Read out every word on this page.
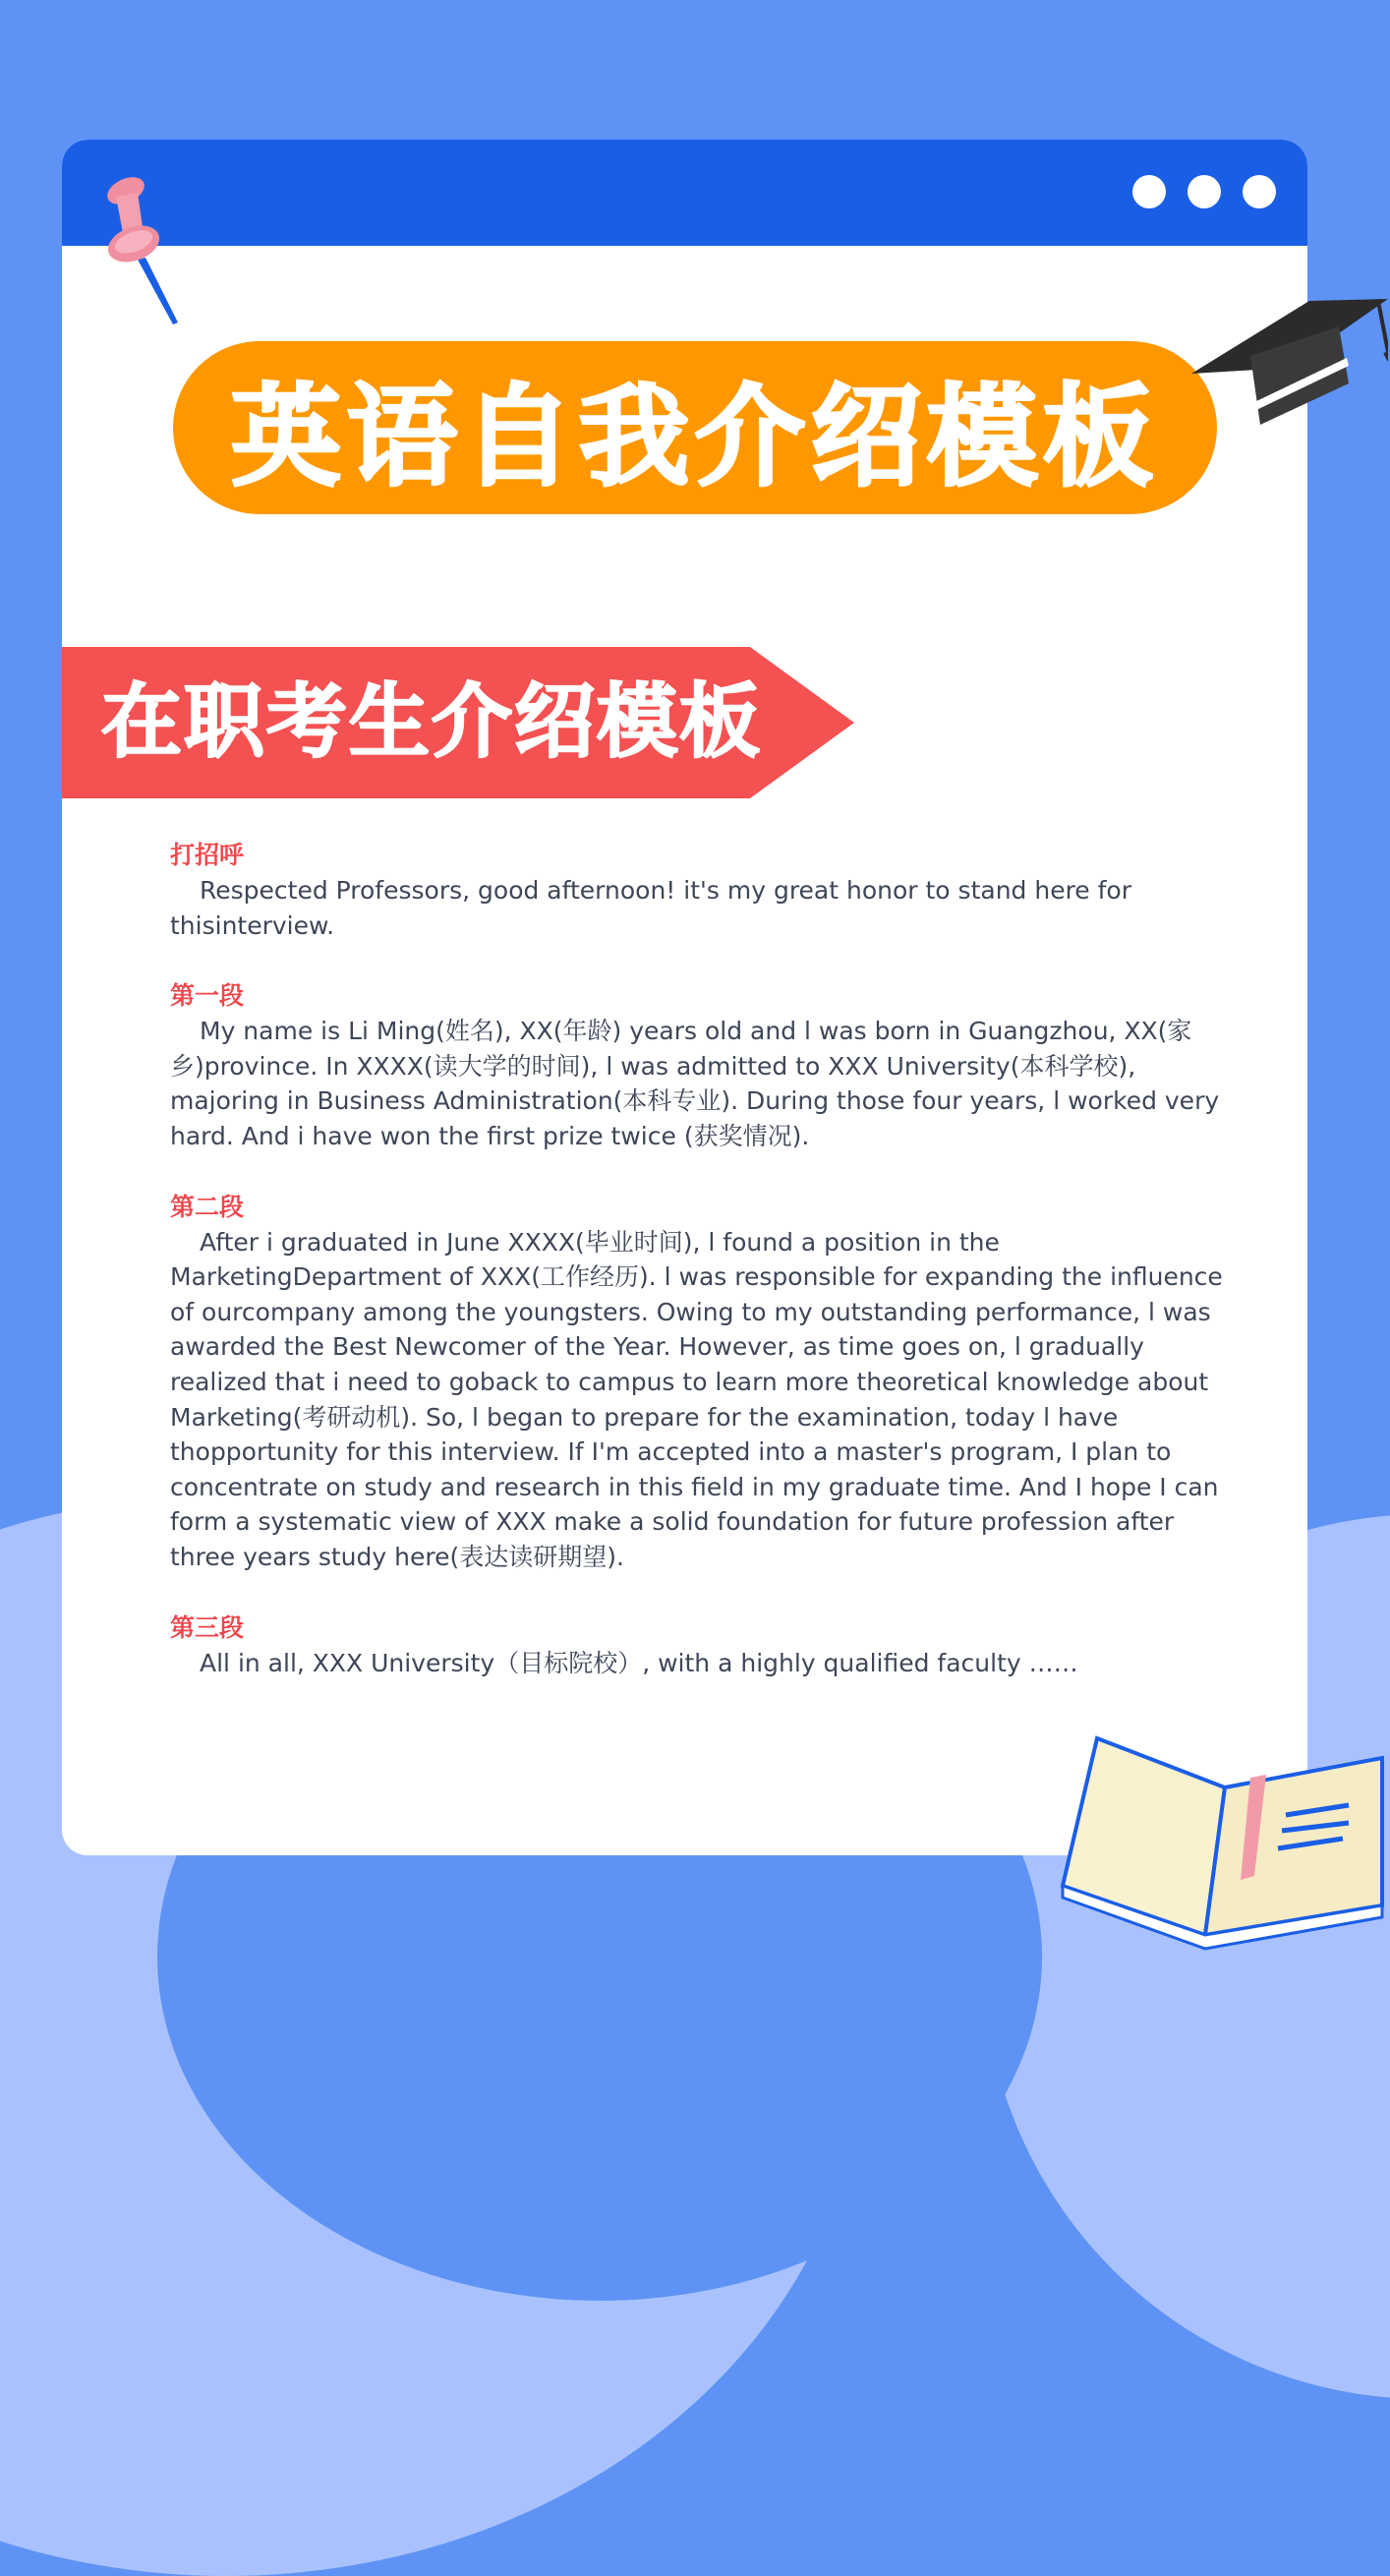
英语自我介绍模板
在职考生介绍模板
打招呼

Respected Professors, good afternoon! it's my great honor to stand here for thisinterview.

第一段

My name is Li Ming(姓名), XX(年龄) years old and l was born in Guangzhou, XX(家乡)province. In XXXX(读大学的时间), l was admitted to XXX University(本科学校), majoring in Business Administration(本科专业). During those four years, l worked very hard. And i have won the first prize twice (获奖情况).

第二段

After i graduated in June XXXX(毕业时间), l found a position in the MarketingDepartment of XXX(工作经历). l was responsible for expanding the influence of ourcompany among the youngsters. Owing to my outstanding performance, l was awarded the Best Newcomer of the Year. However, as time goes on, l gradually realized that i need to goback to campus to learn more theoretical knowledge about Marketing(考研动机). So, l began to prepare for the examination, today l have thopportunity for this interview. If I'm accepted into a master's program, I plan to concentrate on study and research in this field in my graduate time. And I hope I can form a systematic view of XXX make a solid foundation for future profession after three years study here(表达读研期望).

第三段

All in all, XXX University（目标院校）, with a highly qualified faculty ……
